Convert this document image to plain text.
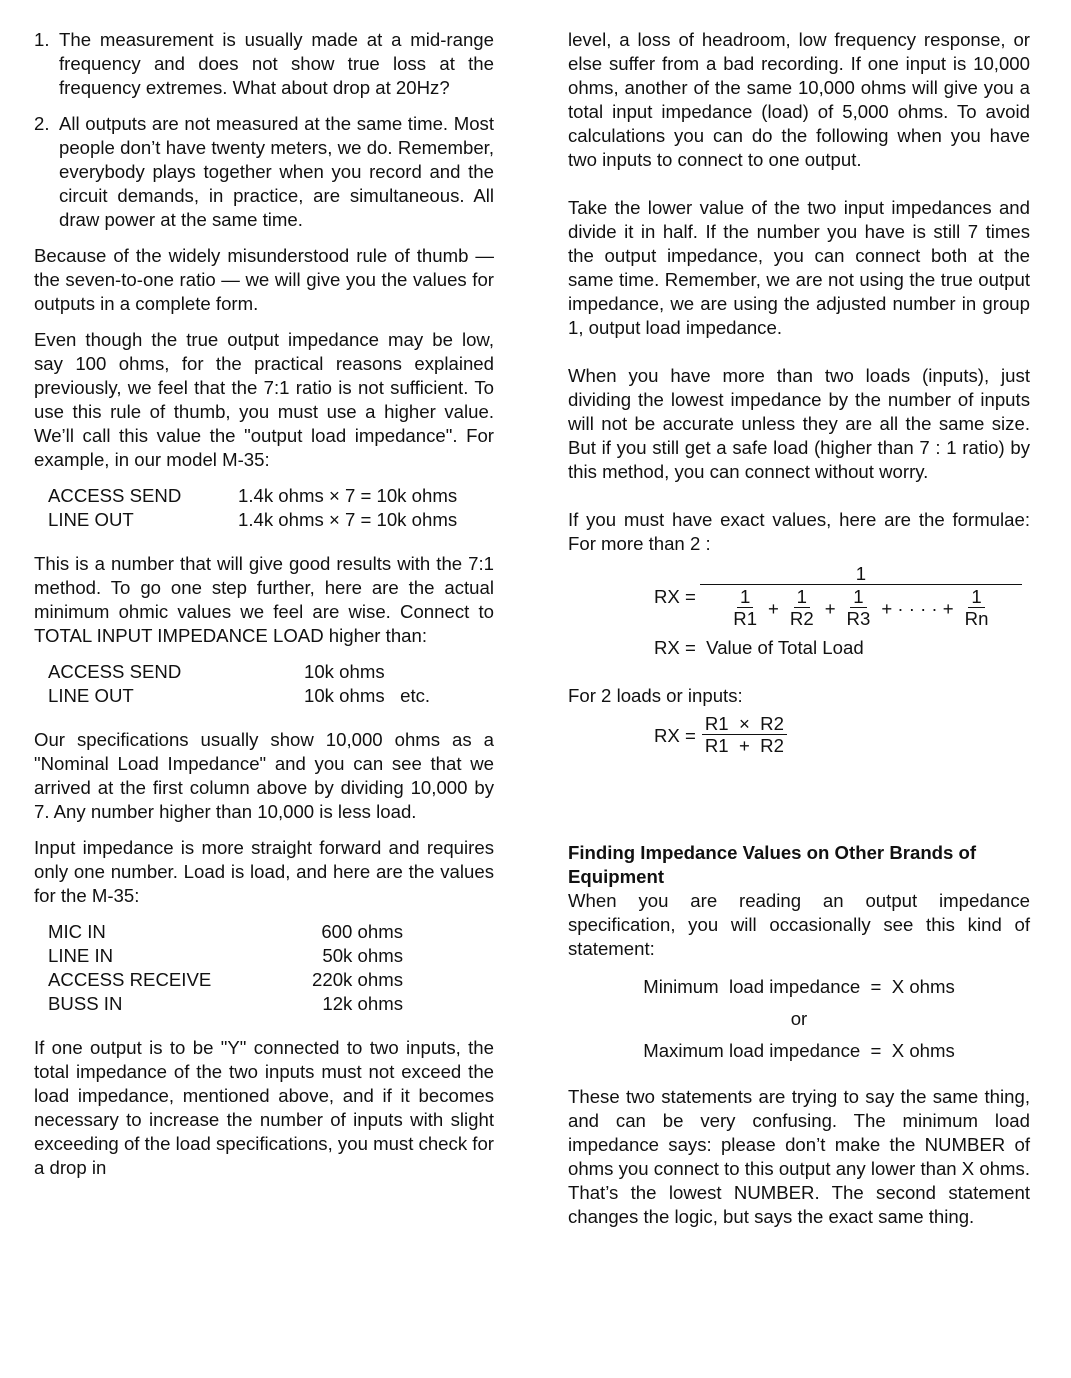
1. The measurement is usually made at a mid-range frequency and does not show true loss at the frequency extremes. What about drop at 20Hz?
2. All outputs are not measured at the same time. Most people don’t have twenty meters, we do. Remember, everybody plays together when you record and the circuit demands, in practice, are simultaneous. All draw power at the same time.

Because of the widely misunderstood rule of thumb — the seven-to-one ratio — we will give you the values for outputs in a complete form.

Even though the true output impedance may be low, say 100 ohms, for the practical reasons explained previously, we feel that the 7:1 ratio is not sufficient. To use this rule of thumb, you must use a higher value. We’ll call this value the "output load impedance". For example, in our model M-35:

ACCESS SEND	1.4k ohms × 7 = 10k ohms
LINE OUT	1.4k ohms × 7 = 10k ohms

This is a number that will give good results with the 7:1 method. To go one step further, here are the actual minimum ohmic values we feel are wise. Connect to TOTAL INPUT IMPEDANCE LOAD higher than:

ACCESS SEND	10k ohms
LINE OUT	10k ohms   etc.

Our specifications usually show 10,000 ohms as a "Nominal Load Impedance" and you can see that we arrived at the first column above by dividing 10,000 by 7. Any number higher than 10,000 is less load.

Input impedance is more straight forward and requires only one number. Load is load, and here are the values for the M-35:

MIC IN	600 ohms
LINE IN	50k ohms
ACCESS RECEIVE	220k ohms
BUSS IN	12k ohms

If one output is to be "Y" connected to two inputs, the total impedance of the two inputs must not exceed the load impedance, mentioned above, and if it becomes necessary to increase the number of inputs with slight exceeding of the load specifications, you must check for a drop in

level, a loss of headroom, low frequency response, or else suffer from a bad recording. If one input is 10,000 ohms, another of the same 10,000 ohms will give you a total input impedance (load) of 5,000 ohms. To avoid calculations you can do the following when you have two inputs to connect to one output.

Take the lower value of the two input impedances and divide it in half. If the number you have is still 7 times the output impedance, you can connect both at the same time. Remember, we are not using the true output impedance, we are using the adjusted number in group 1, output load impedance.

When you have more than two loads (inputs), just dividing the lowest impedance by the number of inputs will not be accurate unless they are all the same size. But if you still get a safe load (higher than 7 : 1 ratio) by this method, you can connect without worry.

If you must have exact values, here are the formulae: For more than 2 :

RX =
1
$\frac{1}{R1} + \frac{1}{R2} + \frac{1}{R3}$ + · · · · + $\frac{1}{Rn}$

RX =  Value of Total Load

For 2 loads or inputs:

RX = $\frac{R1 \times R2}{R1 + R2}$

Finding Impedance Values on Other Brands of Equipment

When you are reading an output impedance specification, you will occasionally see this kind of statement:

Minimum  load impedance  =  X ohms

or

Maximum load impedance  =  X ohms

These two statements are trying to say the same thing, and can be very confusing. The minimum load impedance says: please don’t make the NUMBER of ohms you connect to this output any lower than X ohms. That’s the lowest NUMBER. The second statement changes the logic, but says the exact same thing.
